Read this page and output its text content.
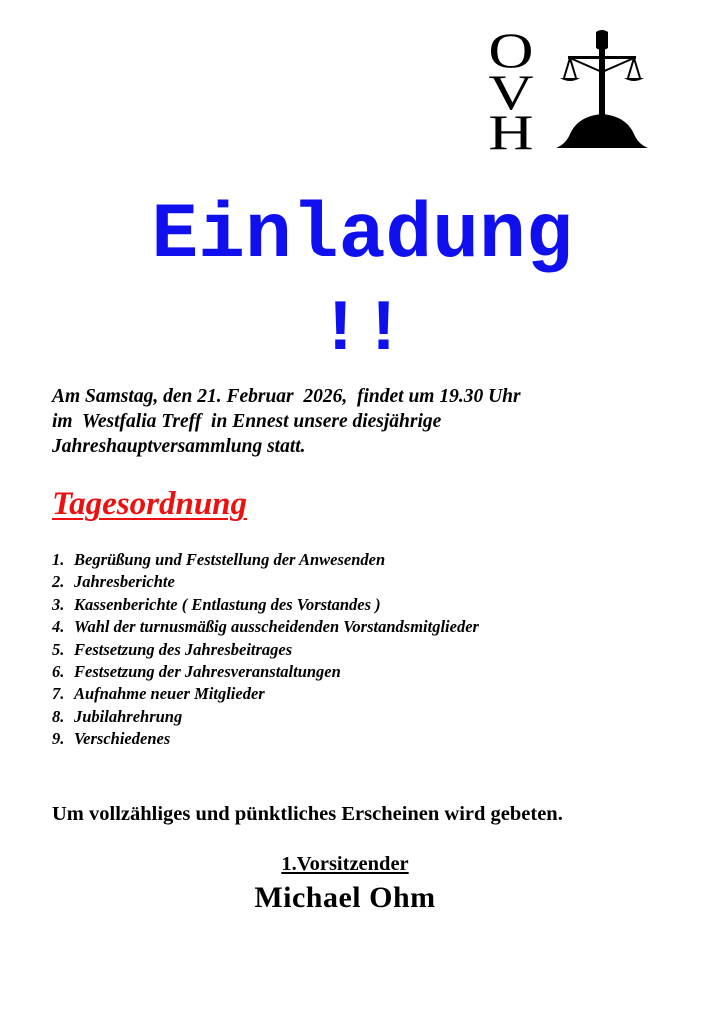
O
V
H
Einladung
!!
Am Samstag, den 21. Februar  2026,  findet um 19.30 Uhr
im  Westfalia Treff  in Ennest unsere diesjährige
Jahreshauptversammlung statt.
Tagesordnung
1. Begrüßung und Feststellung der Anwesenden
2. Jahresberichte
3. Kassenberichte ( Entlastung des Vorstandes )
4. Wahl der turnusmäßig ausscheidenden Vorstandsmitglieder
5. Festsetzung des Jahresbeitrages
6. Festsetzung der Jahresveranstaltungen
7. Aufnahme neuer Mitglieder
8. Jubilahrehrung
9. Verschiedenes
Um vollzähliges und pünktliches Erscheinen wird gebeten.
1.Vorsitzender
Michael Ohm
